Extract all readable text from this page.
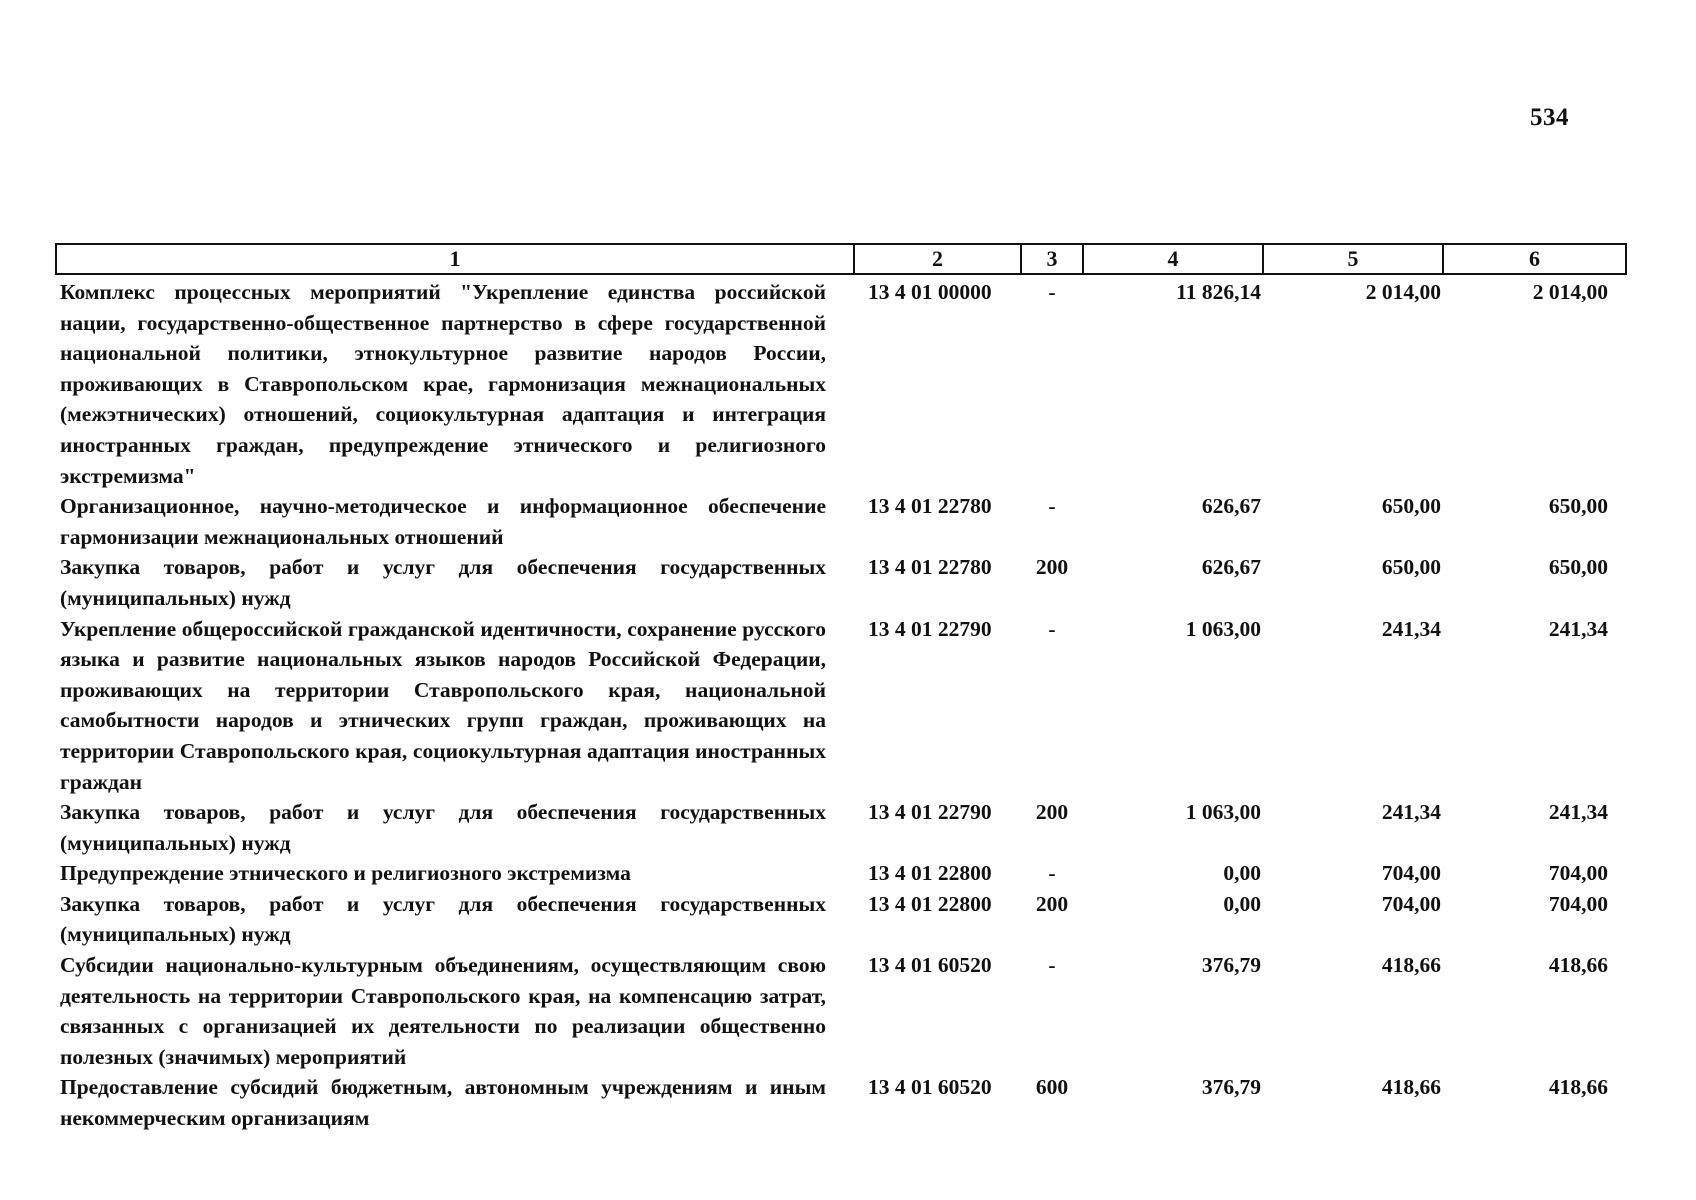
534
1	2	3	4	5	6
Комплекс процессных мероприятий "Укрепление единства российской нации, государственно-общественное партнерство в сфере государственной национальной политики, этнокультурное развитие народов России, проживающих в Ставропольском крае, гармонизация межнациональных (межэтнических) отношений, социокультурная адаптация и интеграция иностранных граждан, предупреждение этнического и религиозного экстремизма"	13 4 01 00000	-	11 826,14	2 014,00	2 014,00
Организационное, научно-методическое и информационное обеспечение гармонизации межнациональных отношений	13 4 01 22780	-	626,67	650,00	650,00
Закупка товаров, работ и услуг для обеспечения государственных (муниципальных) нужд	13 4 01 22780	200	626,67	650,00	650,00
Укрепление общероссийской гражданской идентичности, сохранение русского языка и развитие национальных языков народов Российской Федерации, проживающих на территории Ставропольского края, национальной самобытности народов и этнических групп граждан, проживающих на территории Ставропольского края, социокультурная адаптация иностранных граждан	13 4 01 22790	-	1 063,00	241,34	241,34
Закупка товаров, работ и услуг для обеспечения государственных (муниципальных) нужд	13 4 01 22790	200	1 063,00	241,34	241,34
Предупреждение этнического и религиозного экстремизма	13 4 01 22800	-	0,00	704,00	704,00
Закупка товаров, работ и услуг для обеспечения государственных (муниципальных) нужд	13 4 01 22800	200	0,00	704,00	704,00
Субсидии национально-культурным объединениям, осуществляющим свою деятельность на территории Ставропольского края, на компенсацию затрат, связанных с организацией их деятельности по реализации общественно полезных (значимых) мероприятий	13 4 01 60520	-	376,79	418,66	418,66
Предоставление субсидий бюджетным, автономным учреждениям и иным некоммерческим организациям	13 4 01 60520	600	376,79	418,66	418,66
